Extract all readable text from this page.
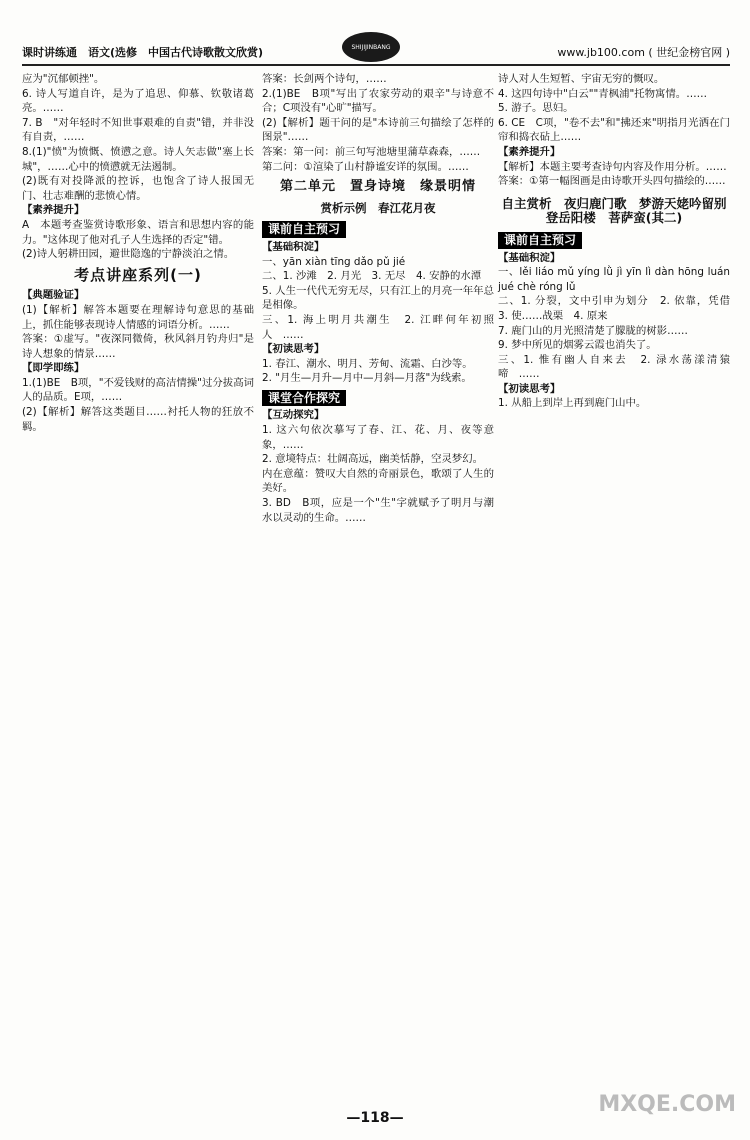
课时讲练通　 语文(选修　中国古代诗歌散文欣赏)	SHIJIJINBANG	www.jb100.com ( 世纪金榜官网 )

应为"沉郁顿挫"。

6. 诗人写道自许，是为了追思、仰慕、钦敬诸葛亮。……

7. B　"对年轻时不知世事艰难的自责"错，并非没有自责，……

8.(1)"愤"为愤慨、愤懑之意。诗人矢志做"塞上长城"，……心中的愤懑就无法遏制。

(2)既有对投降派的控诉，也饱含了诗人报国无门、壮志难酬的悲愤心情。

【素养提升】

A　本题考查鉴赏诗歌形象、语言和思想内容的能力。"这体现了他对孔子人生选择的否定"错。

(2)诗人躬耕田园，避世隐逸的宁静淡泊之情。

考点讲座系列(一)

【典题验证】

(1)【解析】解答本题要在理解诗句意思的基础上，抓住能够表现诗人情感的词语分析。……

答案：①虚写。"夜深同微倚，秋风斜月钓舟归"是诗人想象的情景……

【即学即练】

1.(1)BE　B项，"不爱钱财的高洁情操"过分拔高词人的品质。E项，……

(2)【解析】解答这类题目……衬托人物的狂放不羁。

答案：长剑两个诗句，……

2.(1)BE　B项"写出了农家劳动的艰辛"与诗意不合；C项没有"心旷"描写。

(2)【解析】题干问的是"本诗前三句描绘了怎样的图景"……

答案：第一问：前三句写池塘里蒲草森森，……

第二问：①渲染了山村静谧安详的氛围。……

第二单元　置身诗境　缘景明情
赏析示例　春江花月夜
课前自主预习

【基础积淀】

一、yān xiàn tīng dǎo pǔ jié

二、1. 沙滩　2. 月光　3. 无尽　4. 安静的水潭

5. 人生一代代无穷无尽，只有江上的月亮一年年总是相像。

三、1. 海上明月共潮生　2. 江畔何年初照人　……

【初读思考】

1. 春江、潮水、明月、芳甸、流霜、白沙等。

2. "月生—月升—月中—月斜—月落"为线索。

课堂合作探究

【互动探究】

1. 这六句依次摹写了春、江、花、月、夜等意象，……

2. 意境特点：壮阔高远，幽美恬静，空灵梦幻。

内在意蕴：赞叹大自然的奇丽景色，歌颂了人生的美好。

3. BD　B项，应是一个"生"字就赋予了明月与潮水以灵动的生命。……

诗人对人生短暂、宇宙无穷的慨叹。

4. 这四句诗中"白云""青枫浦"托物寓情。……

5. 游子。思妇。

6. CE　C项，"卷不去"和"拂还来"明指月光洒在门帘和捣衣砧上……

【素养提升】

【解析】本题主要考查诗句内容及作用分析。……

答案：①第一幅图画是由诗歌开头四句描绘的……

自主赏析　夜归鹿门歌　梦游天姥吟留别　登岳阳楼　菩萨蛮(其二)
课前自主预习

【基础积淀】

一、lěi liáo mǔ yíng lǜ jì yīn lì dàn hōng luán jué chè róng lǔ

二、1. 分裂，文中引申为划分　2. 依靠，凭借　3. 使……战栗　4. 原来

7. 鹿门山的月光照清楚了朦胧的树影……

9. 梦中所见的烟雾云霞也消失了。

三、1. 惟有幽人自来去　2. 渌水荡漾清猿啼　……

【初读思考】

1. 从船上到岸上再到鹿门山中。

—118—
MXQE.COM
